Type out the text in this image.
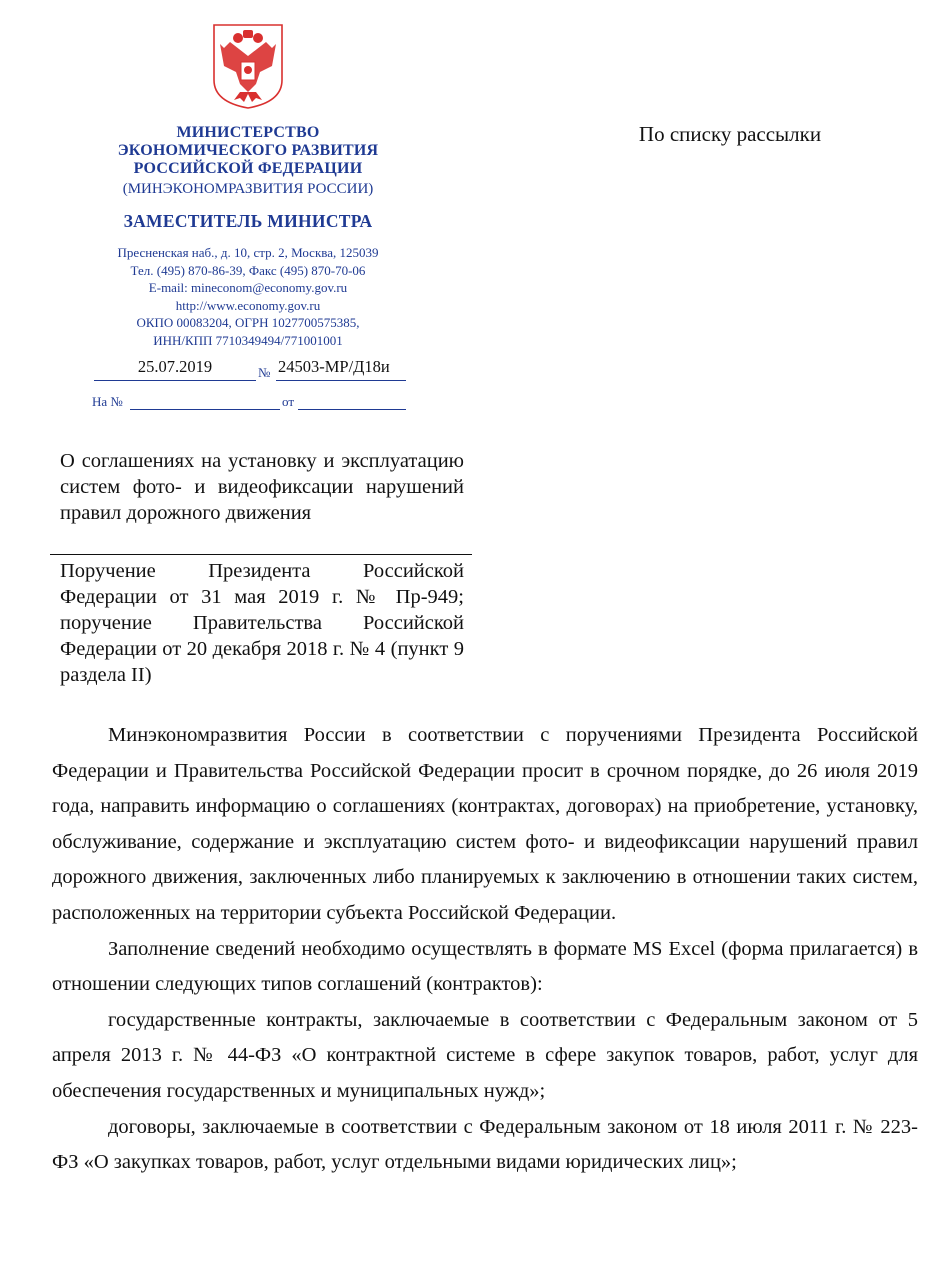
МИНИСТЕРСТВО
ЭКОНОМИЧЕСКОГО РАЗВИТИЯ
РОССИЙСКОЙ ФЕДЕРАЦИИ
(МИНЭКОНОМРАЗВИТИЯ РОССИИ)
ЗАМЕСТИТЕЛЬ МИНИСТРА
Пресненская наб., д. 10, стр. 2, Москва, 125039
Тел. (495) 870-86-39, Факс (495) 870-70-06
E-mail: mineconom@economy.gov.ru
http://www.economy.gov.ru
ОКПО 00083204, ОГРН 1027700575385,
ИНН/КПП 7710349494/771001001
25.07.2019	№ 24503-МР/Д18и
На №	от
По списку рассылки
О соглашениях на установку и эксплуатацию систем фото- и видеофиксации нарушений правил дорожного движения
Поручение Президента Российской Федерации от 31 мая 2019 г. № Пр-949; поручение Правительства Российской Федерации от 20 декабря 2018 г. № 4 (пункт 9 раздела II)

Минэкономразвития России в соответствии с поручениями Президента Российской Федерации и Правительства Российской Федерации просит в срочном порядке, до 26 июля 2019 года, направить информацию о соглашениях (контрактах, договорах) на приобретение, установку, обслуживание, содержание и эксплуатацию систем фото- и видеофиксации нарушений правил дорожного движения, заключенных либо планируемых к заключению в отношении таких систем, расположенных на территории субъекта Российской Федерации.

Заполнение сведений необходимо осуществлять в формате MS Excel (форма прилагается) в отношении следующих типов соглашений (контрактов):

государственные контракты, заключаемые в соответствии с Федеральным законом от 5 апреля 2013 г. № 44-ФЗ «О контрактной системе в сфере закупок товаров, работ, услуг для обеспечения государственных и муниципальных нужд»;

договоры, заключаемые в соответствии с Федеральным законом от 18 июля 2011 г. № 223-ФЗ «О закупках товаров, работ, услуг отдельными видами юридических лиц»;
